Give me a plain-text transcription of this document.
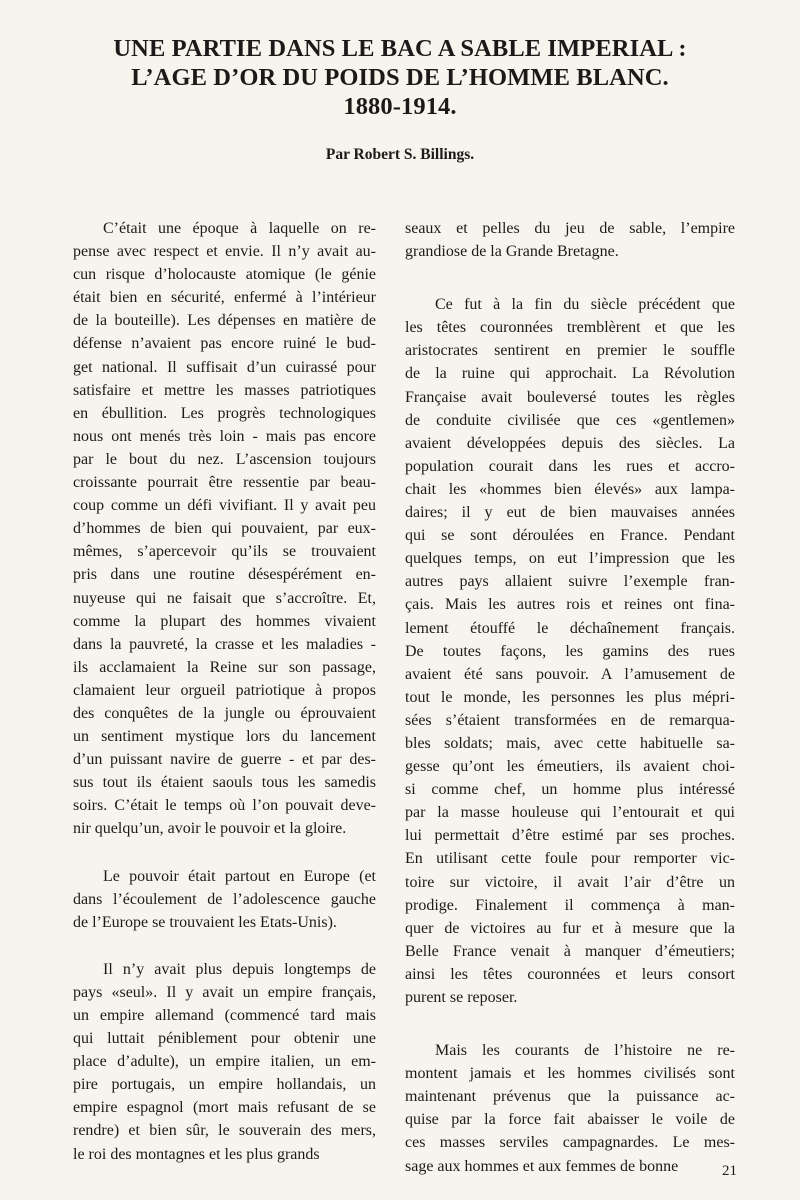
UNE PARTIE DANS LE BAC A SABLE IMPERIAL :
L’AGE D’OR DU POIDS DE L’HOMME BLANC.
1880-1914.
Par Robert S. Billings.
C’était une époque à laquelle on re-
pense avec respect et envie. Il n’y avait au-
cun risque d’holocauste atomique (le génie
était bien en sécurité, enfermé à l’intérieur
de la bouteille). Les dépenses en matière de
défense n’avaient pas encore ruiné le bud-
get national. Il suffisait d’un cuirassé pour
satisfaire et mettre les masses patriotiques
en ébullition. Les progrès technologiques
nous ont menés très loin - mais pas encore
par le bout du nez. L’ascension toujours
croissante pourrait être ressentie par beau-
coup comme un défi vivifiant. Il y avait peu
d’hommes de bien qui pouvaient, par eux-
mêmes, s’apercevoir qu’ils se trouvaient
pris dans une routine désespérément en-
nuyeuse qui ne faisait que s’accroître. Et,
comme la plupart des hommes vivaient
dans la pauvreté, la crasse et les maladies -
ils acclamaient la Reine sur son passage,
clamaient leur orgueil patriotique à propos
des conquêtes de la jungle ou éprouvaient
un sentiment mystique lors du lancement
d’un puissant navire de guerre - et par des-
sus tout ils étaient saouls tous les samedis
soirs. C’était le temps où l’on pouvait deve-
nir quelqu’un, avoir le pouvoir et la gloire.
Le pouvoir était partout en Europe (et
dans l’écoulement de l’adolescence gauche
de l’Europe se trouvaient les Etats-Unis).
Il n’y avait plus depuis longtemps de
pays «seul». Il y avait un empire français,
un empire allemand (commencé tard mais
qui luttait péniblement pour obtenir une
place d’adulte), un empire italien, un em-
pire portugais, un empire hollandais, un
empire espagnol (mort mais refusant de se
rendre) et bien sûr, le souverain des mers,
le roi des montagnes et les plus grands
seaux et pelles du jeu de sable, l’empire
grandiose de la Grande Bretagne.
Ce fut à la fin du siècle précédent que
les têtes couronnées tremblèrent et que les
aristocrates sentirent en premier le souffle
de la ruine qui approchait. La Révolution
Française avait bouleversé toutes les règles
de conduite civilisée que ces «gentlemen»
avaient développées depuis des siècles. La
population courait dans les rues et accro-
chait les «hommes bien élevés» aux lampa-
daires; il y eut de bien mauvaises années
qui se sont déroulées en France. Pendant
quelques temps, on eut l’impression que les
autres pays allaient suivre l’exemple fran-
çais. Mais les autres rois et reines ont fina-
lement étouffé le déchaînement français.
De toutes façons, les gamins des rues
avaient été sans pouvoir. A l’amusement de
tout le monde, les personnes les plus mépri-
sées s’étaient transformées en de remarqua-
bles soldats; mais, avec cette habituelle sa-
gesse qu’ont les émeutiers, ils avaient choi-
si comme chef, un homme plus intéressé
par la masse houleuse qui l’entourait et qui
lui permettait d’être estimé par ses proches.
En utilisant cette foule pour remporter vic-
toire sur victoire, il avait l’air d’être un
prodige. Finalement il commença à man-
quer de victoires au fur et à mesure que la
Belle France venait à manquer d’émeutiers;
ainsi les têtes couronnées et leurs consort
purent se reposer.
Mais les courants de l’histoire ne re-
montent jamais et les hommes civilisés sont
maintenant prévenus que la puissance ac-
quise par la force fait abaisser le voile de
ces masses serviles campagnardes. Le mes-
sage aux hommes et aux femmes de bonne	21
